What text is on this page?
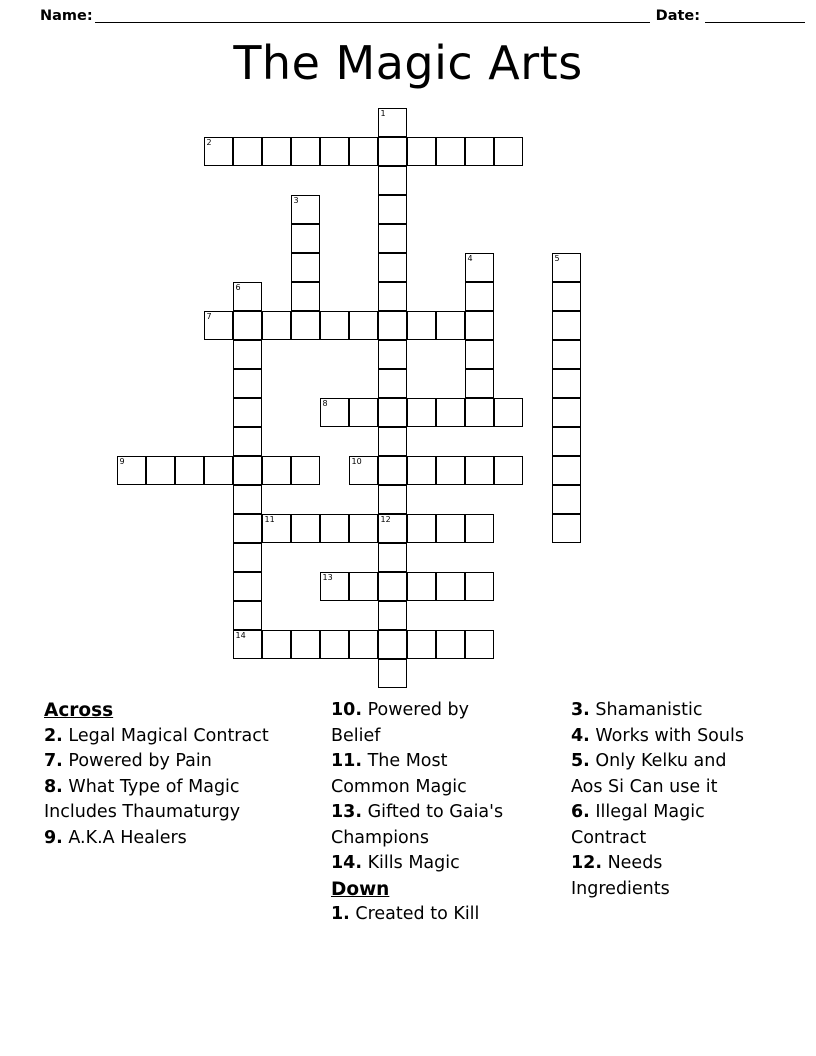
Name:	Date:
The Magic Arts
1
12
2
3
4	5
6
7
8
9	10
11
13
14
Across
2. Legal Magical Contract
7. Powered by Pain
8. What Type of Magic Includes Thaumaturgy
9. A.K.A Healers
10. Powered by Belief
11. The Most Common Magic
13. Gifted to Gaia's Champions
14. Kills Magic
Down
1. Created to Kill
3. Shamanistic
4. Works with Souls
5. Only Kelku and Aos Si Can use it
6. Illegal Magic Contract
12. Needs Ingredients
